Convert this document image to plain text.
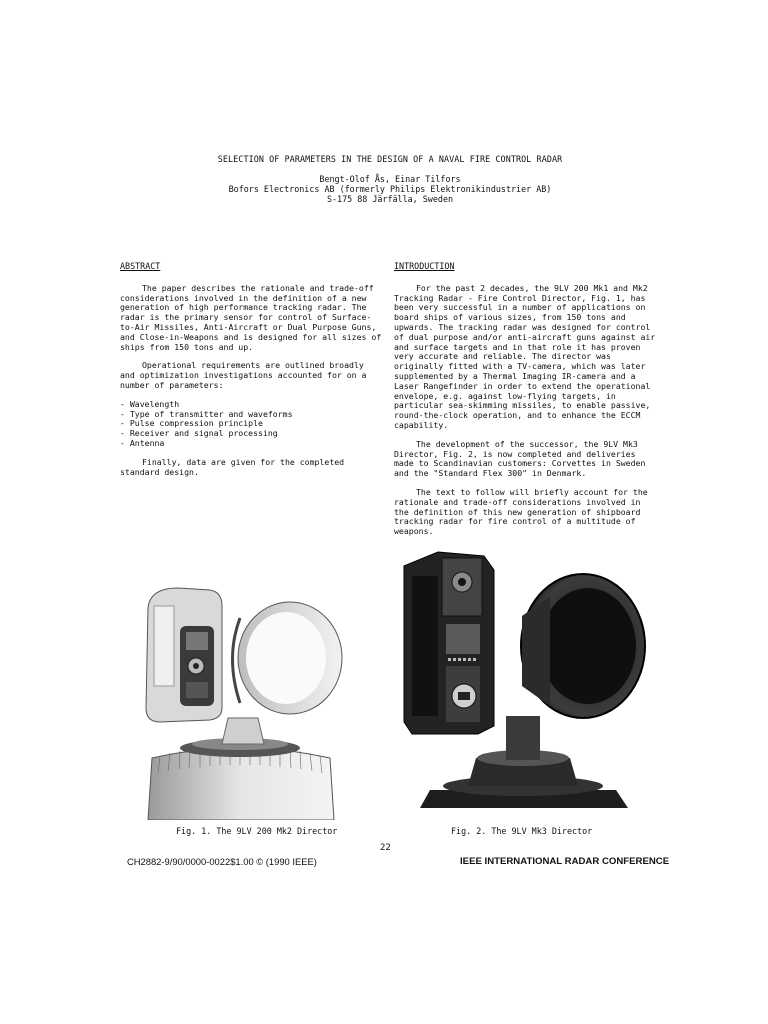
SELECTION OF PARAMETERS IN THE DESIGN OF A NAVAL FIRE CONTROL RADAR

Bengt-Olof Ås, Einar Tilfors

Bofors Electronics AB (formerly Philips Elektronikindustrier AB)

S-175 88 Järfälla, Sweden

ABSTRACT

The paper describes the rationale and trade-off considerations involved in the definition of a new generation of high performance tracking radar. The radar is the primary sensor for control of Surface-to-Air Missiles, Anti-Aircraft or Dual Purpose Guns, and Close-in-Weapons and is designed for all sizes of ships from 150 tons and up.

Operational requirements are outlined broadly and optimization investigations accounted for on a number of parameters:

- Wavelength
- Type of transmitter and waveforms
- Pulse compression principle
- Receiver and signal processing
- Antenna

Finally, data are given for the completed standard design.

INTRODUCTION

For the past 2 decades, the 9LV 200 Mk1 and Mk2 Tracking Radar - Fire Control Director, Fig. 1, has been very successful in a number of applications on board ships of various sizes, from 150 tons and upwards. The tracking radar was designed for control of dual purpose and/or anti-aircraft guns against air and surface targets and in that role it has proven very accurate and reliable. The director was originally fitted with a TV-camera, which was later supplemented by a Thermal Imaging IR-camera and a Laser Rangefinder in order to extend the operational envelope, e.g. against low-flying targets, in particular sea-skimming missiles, to enable passive, round-the-clock operation, and to enhance the ECCM capability.

The development of the successor, the 9LV Mk3 Director, Fig. 2, is now completed and deliveries made to Scandinavian customers: Corvettes in Sweden and the "Standard Flex 300" in Denmark.

The text to follow will briefly account for the rationale and trade-off considerations involved in the definition of this new generation of shipboard tracking radar for fire control of a multitude of weapons.

Fig. 1. The 9LV 200 Mk2 Director	Fig. 2. The 9LV Mk3 Director
22
CH2882-9/90/0000-0022$1.00 © (1990 IEEE)	IEEE INTERNATIONAL RADAR CONFERENCE
